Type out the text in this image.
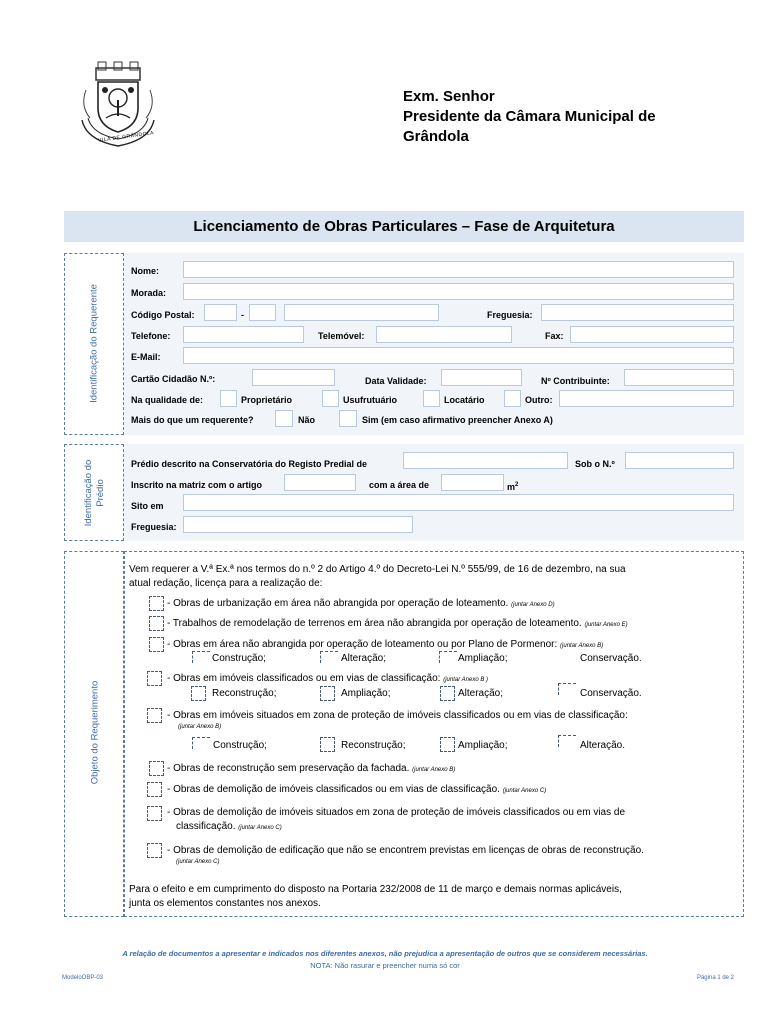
VILA DE GRÂNDOLA
Exm. Senhor
Presidente da Câmara Municipal de
Grândola
Licenciamento de Obras Particulares – Fase de Arquitetura
Identificação do Requerente
Nome:
Morada:
Código Postal:	-	Freguesia:
Telefone:	Telemóvel:	Fax:
E-Mail:
Cartão Cidadão N.º:	Data Validade:	Nº Contribuinte:
Na qualidade de:	Proprietário	Usufrutuário	Locatário	Outro:
Mais do que um requerente?	Não	Sim (em caso afirmativo preencher Anexo A)
Identificação do Prédio
Prédio descrito na Conservatória do Registo Predial de	Sob o N.º
Inscrito na matriz com o artigo	com a área de	$m^2$
Sito em
Freguesia:
Objeto do Requerimento
Vem requerer a V.ª Ex.ª nos termos do n.º 2 do Artigo 4.º do Decreto-Lei N.º 555/99, de 16 de dezembro, na sua
atual redação, licença para a realização de:
- Obras de urbanização em área não abrangida por operação de loteamento. (juntar Anexo D)
- Trabalhos de remodelação de terrenos em área não abrangida por operação de loteamento. (juntar Anexo E)
- Obras em área não abrangida por operação de loteamento ou por Plano de Pormenor: (juntar Anexo B)
Construção;	Alteração;	Ampliação;	Conservação.
- Obras em imóveis classificados ou em vias de classificação: (juntar Anexo B )
Reconstrução;	Ampliação;	Alteração;	Conservação.
- Obras em imóveis situados em zona de proteção de imóveis classificados ou em vias de classificação:
(juntar Anexo B)
Construção;	Reconstrução;	Ampliação;	Alteração.
- Obras de reconstrução sem preservação da fachada. (juntar Anexo B)
- Obras de demolição de imóveis classificados ou em vias de classificação. (juntar Anexo C)
- Obras de demolição de imóveis situados em zona de proteção de imóveis classificados ou em vias de
classificação. (juntar Anexo C)
- Obras de demolição de edificação que não se encontrem previstas em licenças de obras de reconstrução.
(juntar Anexo C)
Para o efeito e em cumprimento do disposto na Portaria 232/2008 de 11 de março e demais normas aplicáveis,
junta os elementos constantes nos anexos.
A relação de documentos a apresentar e indicados nos diferentes anexos, não prejudica a apresentação de outros que se considerem necessárias.
NOTA: Não rasurar e preencher numa só cor
ModeloOBP-03	Página 1 de 2
